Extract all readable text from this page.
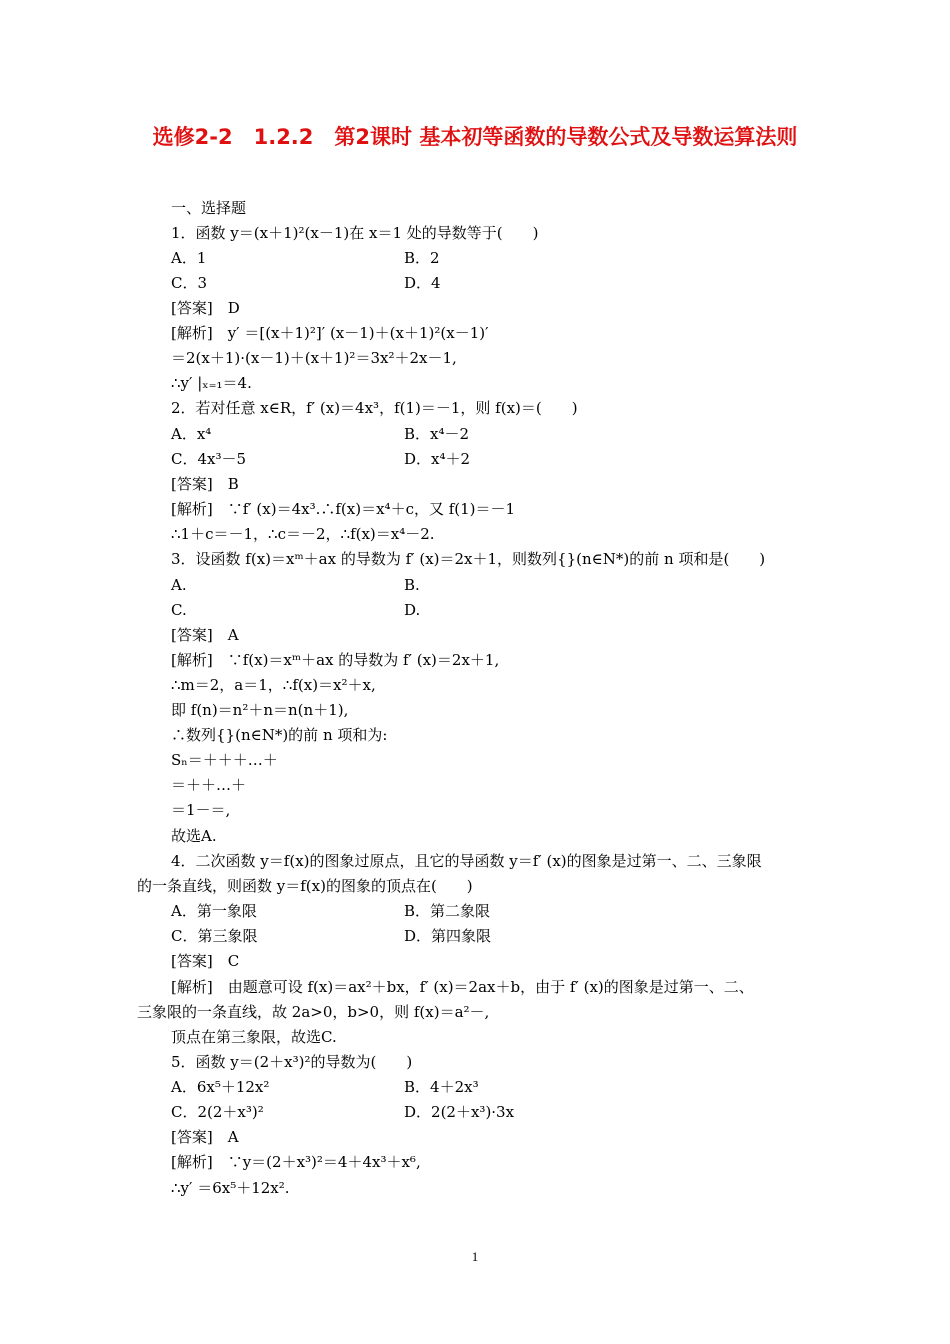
选修2-2　1.2.2　第2课时 基本初等函数的导数公式及导数运算法则
一、选择题
1．函数 y＝(x＋1)²(x－1)在 x＝1 处的导数等于(　　)
A．1	B．2
C．3	D．4
[答案]　D
[解析]　y′ ＝[(x＋1)²]′ (x－1)＋(x＋1)²(x－1)′
＝2(x＋1)·(x－1)＋(x＋1)²＝3x²＋2x－1,
∴y′ |ₓ₌₁＝4.
2．若对任意 x∈R，f′ (x)＝4x³，f(1)＝－1，则 f(x)＝(　　)
A．x⁴	B．x⁴－2
C．4x³－5	D．x⁴＋2
[答案]　B
[解析]　∵f′ (x)＝4x³.∴f(x)＝x⁴＋c，又 f(1)＝－1
∴1＋c＝－1，∴c＝－2，∴f(x)＝x⁴－2.
3．设函数 f(x)＝xᵐ＋ax 的导数为 f′ (x)＝2x＋1，则数列{}(n∈N*)的前 n 项和是(　　)
A.	B.
C.	D.
[答案]　A
[解析]　∵f(x)＝xᵐ＋ax 的导数为 f′ (x)＝2x＋1,
∴m＝2，a＝1，∴f(x)＝x²＋x,
即 f(n)＝n²＋n＝n(n＋1),
∴数列{}(n∈N*)的前 n 项和为:
Sₙ＝＋＋＋…＋
＝＋＋…＋
＝1－＝,
故选A.
4．二次函数 y＝f(x)的图象过原点，且它的导函数 y＝f′ (x)的图象是过第一、二、三象限
的一条直线，则函数 y＝f(x)的图象的顶点在(　　)
A．第一象限	B．第二象限
C．第三象限	D．第四象限
[答案]　C
[解析]　由题意可设 f(x)＝ax²＋bx，f′ (x)＝2ax＋b，由于 f′ (x)的图象是过第一、二、
三象限的一条直线，故 2a>0，b>0，则 f(x)＝a²－,
顶点在第三象限，故选C.
5．函数 y＝(2＋x³)²的导数为(　　)
A．6x⁵＋12x²	B．4＋2x³
C．2(2＋x³)²	D．2(2＋x³)·3x
[答案]　A
[解析]　∵y＝(2＋x³)²＝4＋4x³＋x⁶,
∴y′ ＝6x⁵＋12x².
1
